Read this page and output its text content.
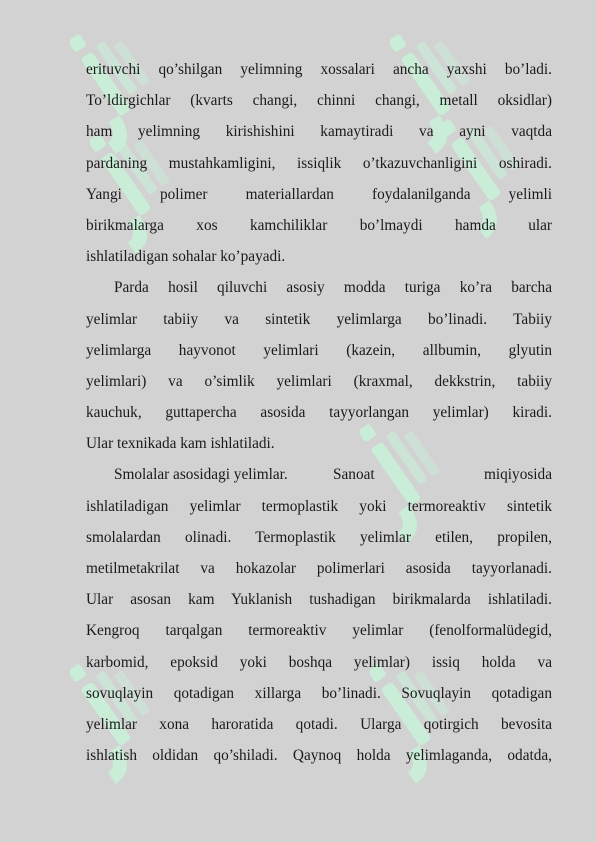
erituvchi qo’shilgan yelimning xossalari ancha yaxshi bo’ladi.
To’ldirgichlar (kvarts changi, chinni changi, metall oksidlar)
ham yelimning kirishishini kamaytiradi va ayni vaqtda
pardaning mustahkamligini, issiqlik o’tkazuvchanligini oshiradi.
Yangi polimer materiallardan foydalanilganda yelimli
birikmalarga xos kamchiliklar bo’lmaydi hamda ular
ishlatiladigan sohalar ko’payadi.
Parda hosil qiluvchi asosiy modda turiga ko’ra barcha
yelimlar tabiiy va sintetik yelimlarga bo’linadi. Tabiiy
yelimlarga hayvonot yelimlari (kazein, allbumin, glyutin
yelimlari) va o’simlik yelimlari (kraxmal, dekkstrin, tabiiy
kauchuk, guttapercha asosida tayyorlangan yelimlar) kiradi.
Ular texnikada kam ishlatiladi.
Smolalar asosidagi yelimlar.	Sanoat	miqiyosida
ishlatiladigan yelimlar termoplastik yoki termoreaktiv sintetik
smolalardan olinadi. Termoplastik yelimlar etilen, propilen,
metilmetakrilat va hokazolar polimerlari asosida tayyorlanadi.
Ular asosan kam Yuklanish tushadigan birikmalarda ishlatiladi.
Kengroq tarqalgan termoreaktiv yelimlar (fenolformalüdegid,
karbomid, epoksid yoki boshqa yelimlar) issiq holda va
sovuqlayin qotadigan xillarga bo’linadi. Sovuqlayin qotadigan
yelimlar xona haroratida qotadi. Ularga qotirgich bevosita
ishlatish oldidan qo’shiladi. Qaynoq holda yelimlaganda, odatda,
